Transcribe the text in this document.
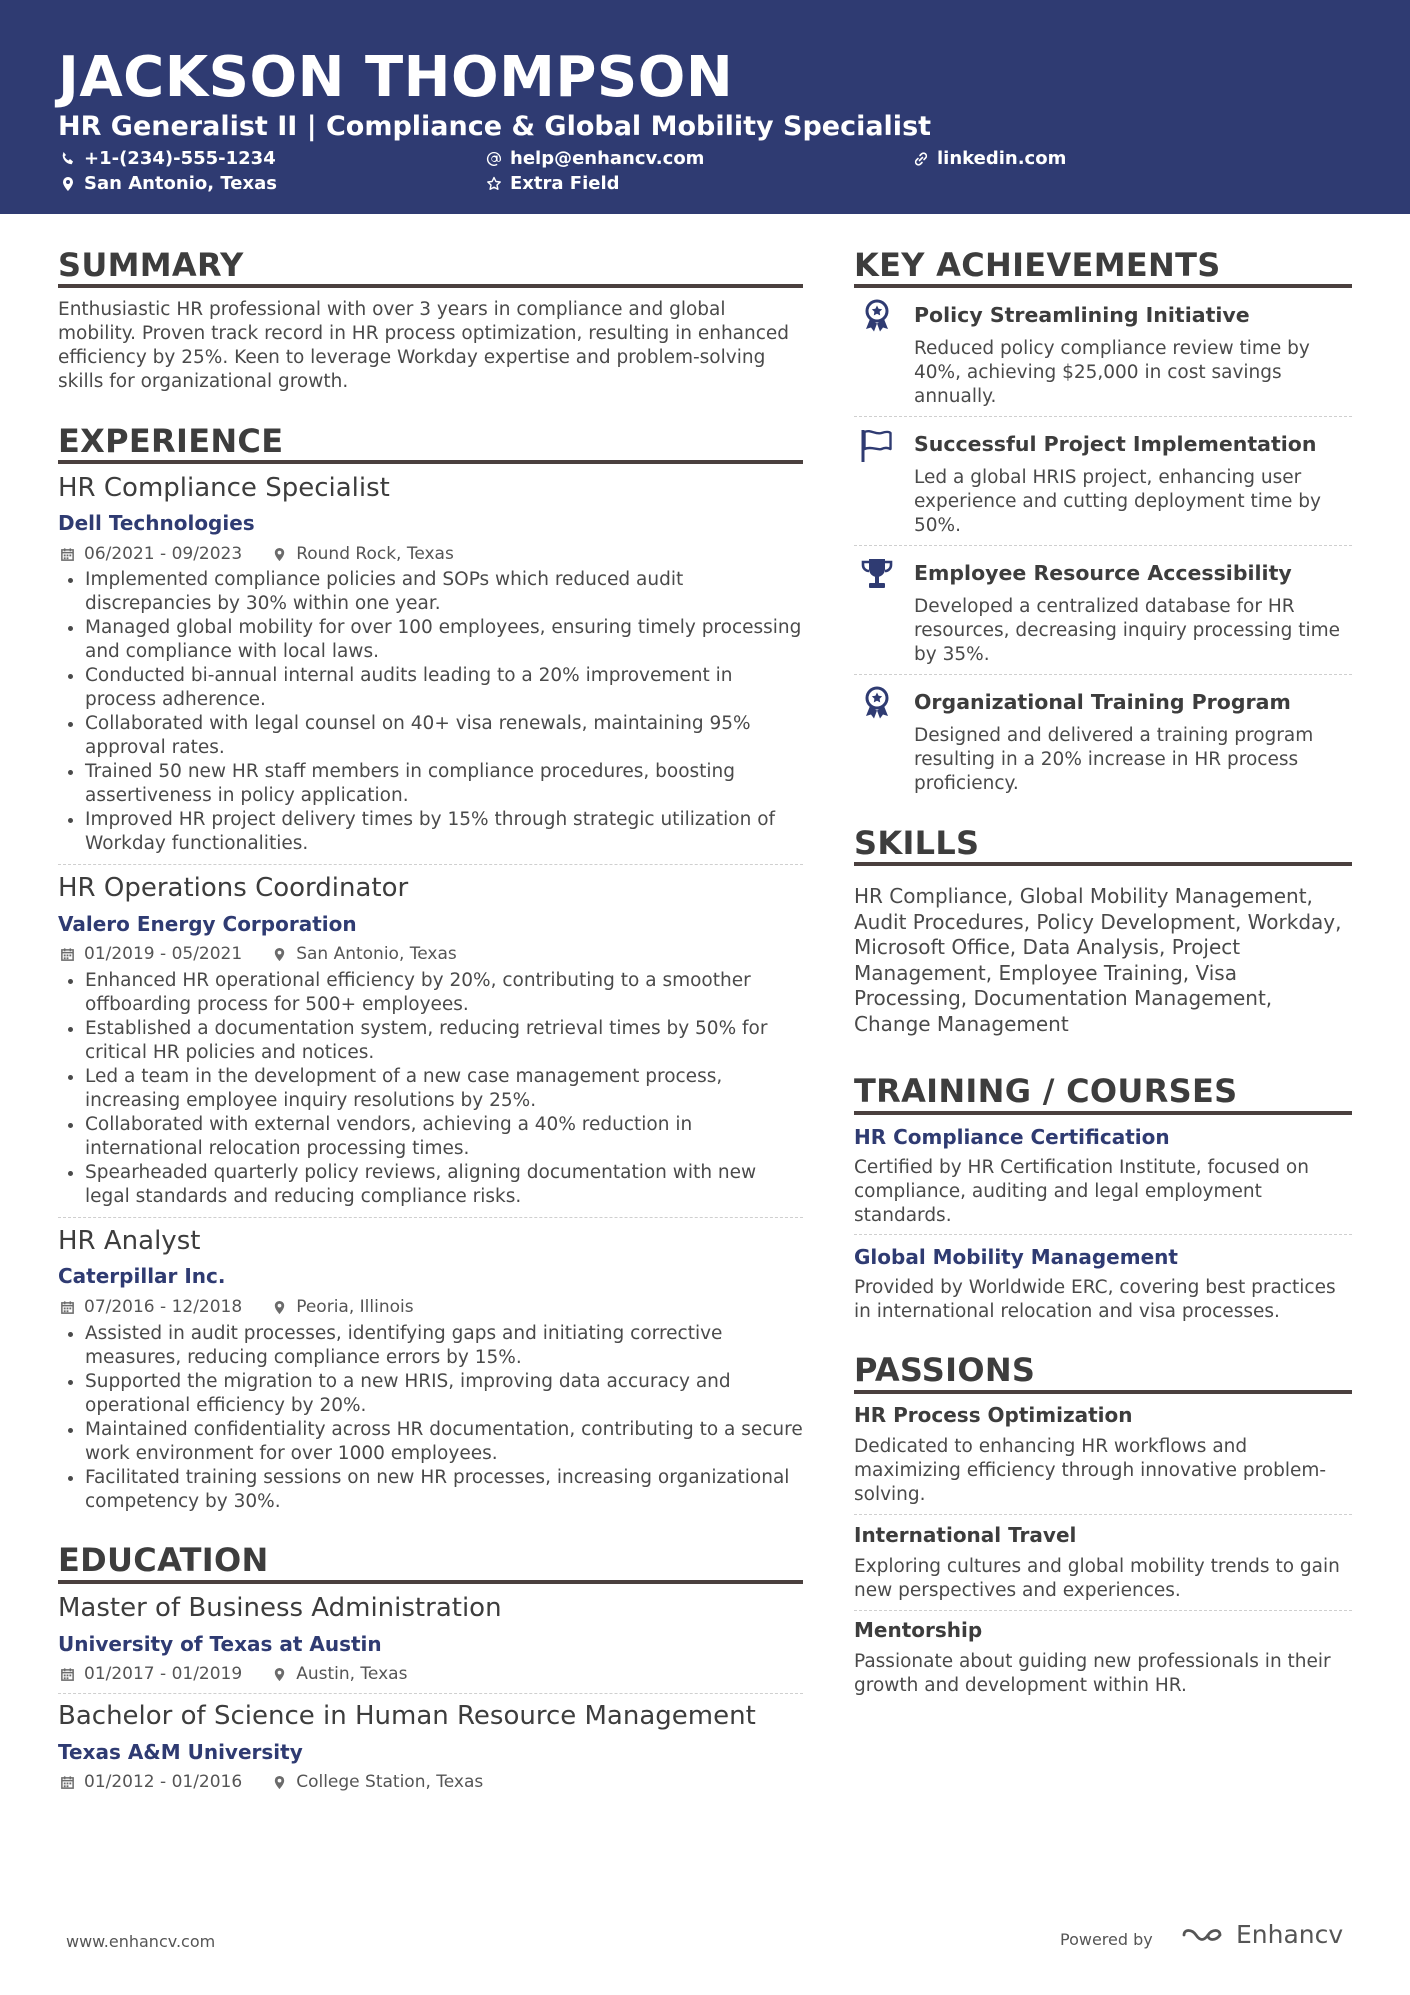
JACKSON THOMPSON
HR Generalist II | Compliance & Global Mobility Specialist
+1-(234)-555-1234	help@enhancv.com	linkedin.com
San Antonio, Texas	Extra Field
SUMMARY
Enthusiastic HR professional with over 3 years in compliance and global mobility. Proven track record in HR process optimization, resulting in enhanced efficiency by 25%. Keen to leverage Workday expertise and problem-solving skills for organizational growth.
EXPERIENCE
HR Compliance Specialist
Dell Technologies
06/2021 - 09/2023	Round Rock, Texas
• Implemented compliance policies and SOPs which reduced audit discrepancies by 30% within one year.
• Managed global mobility for over 100 employees, ensuring timely processing and compliance with local laws.
• Conducted bi-annual internal audits leading to a 20% improvement in process adherence.
• Collaborated with legal counsel on 40+ visa renewals, maintaining 95% approval rates.
• Trained 50 new HR staff members in compliance procedures, boosting assertiveness in policy application.
• Improved HR project delivery times by 15% through strategic utilization of Workday functionalities.
HR Operations Coordinator
Valero Energy Corporation
01/2019 - 05/2021	San Antonio, Texas
• Enhanced HR operational efficiency by 20%, contributing to a smoother offboarding process for 500+ employees.
• Established a documentation system, reducing retrieval times by 50% for critical HR policies and notices.
• Led a team in the development of a new case management process, increasing employee inquiry resolutions by 25%.
• Collaborated with external vendors, achieving a 40% reduction in international relocation processing times.
• Spearheaded quarterly policy reviews, aligning documentation with new legal standards and reducing compliance risks.
HR Analyst
Caterpillar Inc.
07/2016 - 12/2018	Peoria, Illinois
• Assisted in audit processes, identifying gaps and initiating corrective measures, reducing compliance errors by 15%.
• Supported the migration to a new HRIS, improving data accuracy and operational efficiency by 20%.
• Maintained confidentiality across HR documentation, contributing to a secure work environment for over 1000 employees.
• Facilitated training sessions on new HR processes, increasing organizational competency by 30%.
EDUCATION
Master of Business Administration
University of Texas at Austin
01/2017 - 01/2019	Austin, Texas
Bachelor of Science in Human Resource Management
Texas A&M University
01/2012 - 01/2016	College Station, Texas
KEY ACHIEVEMENTS
Policy Streamlining Initiative
Reduced policy compliance review time by 40%, achieving $25,000 in cost savings annually.
Successful Project Implementation
Led a global HRIS project, enhancing user experience and cutting deployment time by 50%.
Employee Resource Accessibility
Developed a centralized database for HR resources, decreasing inquiry processing time by 35%.
Organizational Training Program
Designed and delivered a training program resulting in a 20% increase in HR process proficiency.
SKILLS
HR Compliance, Global Mobility Management, Audit Procedures, Policy Development, Workday, Microsoft Office, Data Analysis, Project Management, Employee Training, Visa Processing, Documentation Management, Change Management
TRAINING / COURSES
HR Compliance Certification
Certified by HR Certification Institute, focused on compliance, auditing and legal employment standards.
Global Mobility Management
Provided by Worldwide ERC, covering best practices in international relocation and visa processes.
PASSIONS
HR Process Optimization
Dedicated to enhancing HR workflows and maximizing efficiency through innovative problem-solving.
International Travel
Exploring cultures and global mobility trends to gain new perspectives and experiences.
Mentorship
Passionate about guiding new professionals in their growth and development within HR.
www.enhancv.com	Powered by	Enhancv
